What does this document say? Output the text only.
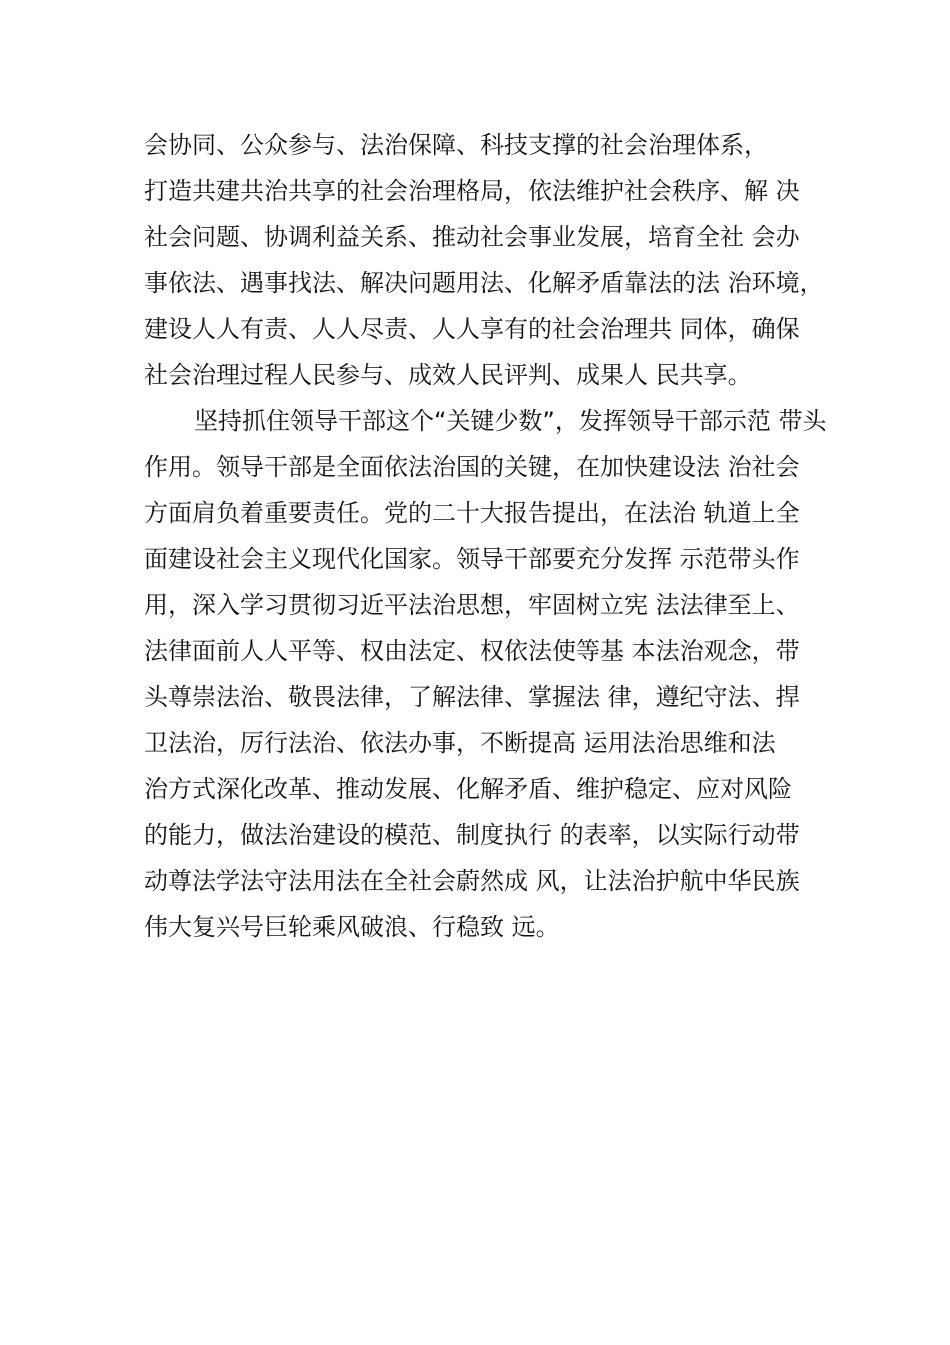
会协同、公众参与、法治保障、科技支撑的社会治理体系，
打造共建共治共享的社会治理格局，依法维护社会秩序、解 决
社会问题、协调利益关系、推动社会事业发展，培育全社 会办
事依法、遇事找法、解决问题用法、化解矛盾靠法的法 治环境，
建设人人有责、人人尽责、人人享有的社会治理共 同体，确保
社会治理过程人民参与、成效人民评判、成果人 民共享。
坚持抓住领导干部这个“关键少数”，发挥领导干部示范 带头
作用。领导干部是全面依法治国的关键，在加快建设法 治社会
方面肩负着重要责任。党的二十大报告提出，在法治 轨道上全
面建设社会主义现代化国家。领导干部要充分发挥 示范带头作
用，深入学习贯彻习近平法治思想，牢固树立宪 法法律至上、
法律面前人人平等、权由法定、权依法使等基 本法治观念，带
头尊崇法治、敬畏法律，了解法律、掌握法 律，遵纪守法、捍
卫法治，厉行法治、依法办事，不断提高 运用法治思维和法
治方式深化改革、推动发展、化解矛盾、维护稳定、应对风险
的能力，做法治建设的模范、制度执行 的表率，以实际行动带
动尊法学法守法用法在全社会蔚然成 风，让法治护航中华民族
伟大复兴号巨轮乘风破浪、行稳致 远。
